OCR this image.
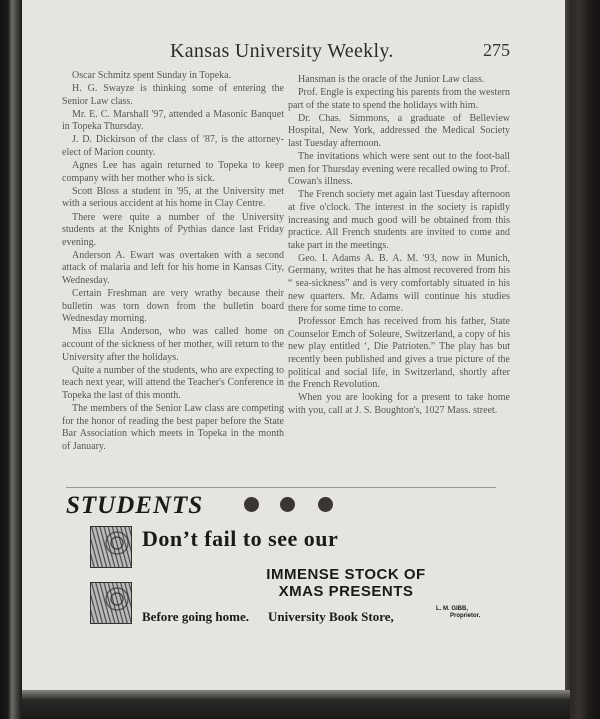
Kansas University Weekly.	275

Oscar Schmitz spent Sunday in Topeka.

H. G. Swayze is thinking some of entering the Senior Law class.

Mr. E. C. Marshall '97, attended a Masonic Banquet in Topeka Thursday.

J. D. Dickirson of the class of '87, is the attorney-elect of Marion county.

Agnes Lee has again returned to Topeka to keep company with her mother who is sick.

Scott Bloss a student in '95, at the University met with a serious accident at his home in Clay Centre.

There were quite a number of the University students at the Knights of Pythias dance last Friday evening.

Anderson A. Ewart was overtaken with a second attack of malaria and left for his home in Kansas City, Wednesday.

Certain Freshman are very wrathy because their bulletin was torn down from the bulletin board Wednesday morning.

Miss Ella Anderson, who was called home on account of the sickness of her mother, will return to the University after the holidays.

Quite a number of the students, who are expecting to teach next year, will attend the Teacher's Conference in Topeka the last of this month.

The members of the Senior Law class are competing for the honor of reading the best paper before the State Bar Association which meets in Topeka in the month of January.

Hansman is the oracle of the Junior Law class.

Prof. Engle is expecting his parents from the western part of the state to spend the holidays with him.

Dr. Chas. Simmons, a graduate of Belleview Hospital, New York, addressed the Medical Society last Tuesday afternoon.

The invitations which were sent out to the foot-ball men for Thursday evening were recalled owing to Prof. Cowan's illness.

The French society met again last Tuesday afternoon at five o'clock. The interest in the society is rapidly increasing and much good will be obtained from this practice. All French students are invited to come and take part in the meetings.

Geo. I. Adams A. B. A. M. '93, now in Munich, Germany, writes that he has almost recovered from his “ sea-sickness” and is very comfortably situated in his new quarters. Mr. Adams will continue his studies there for some time to come.

Professor Emch has received from his father, State Counselor Emch of Soleure, Switzerland, a copy of his new play entitled ‘, Die Patrioten.” The play has but recently been published and gives a true picture of the political and social life, in Switzerland, shortly after the French Revolution.

When you are looking for a present to take home with you, call at J. S. Boughton's, 1027 Mass. street.

STUDENTS
Don’t fail to see our
IMMENSE STOCK OF
XMAS PRESENTS
Before going home. University Book Store,	L. M. GIBB,
Proprietor.
